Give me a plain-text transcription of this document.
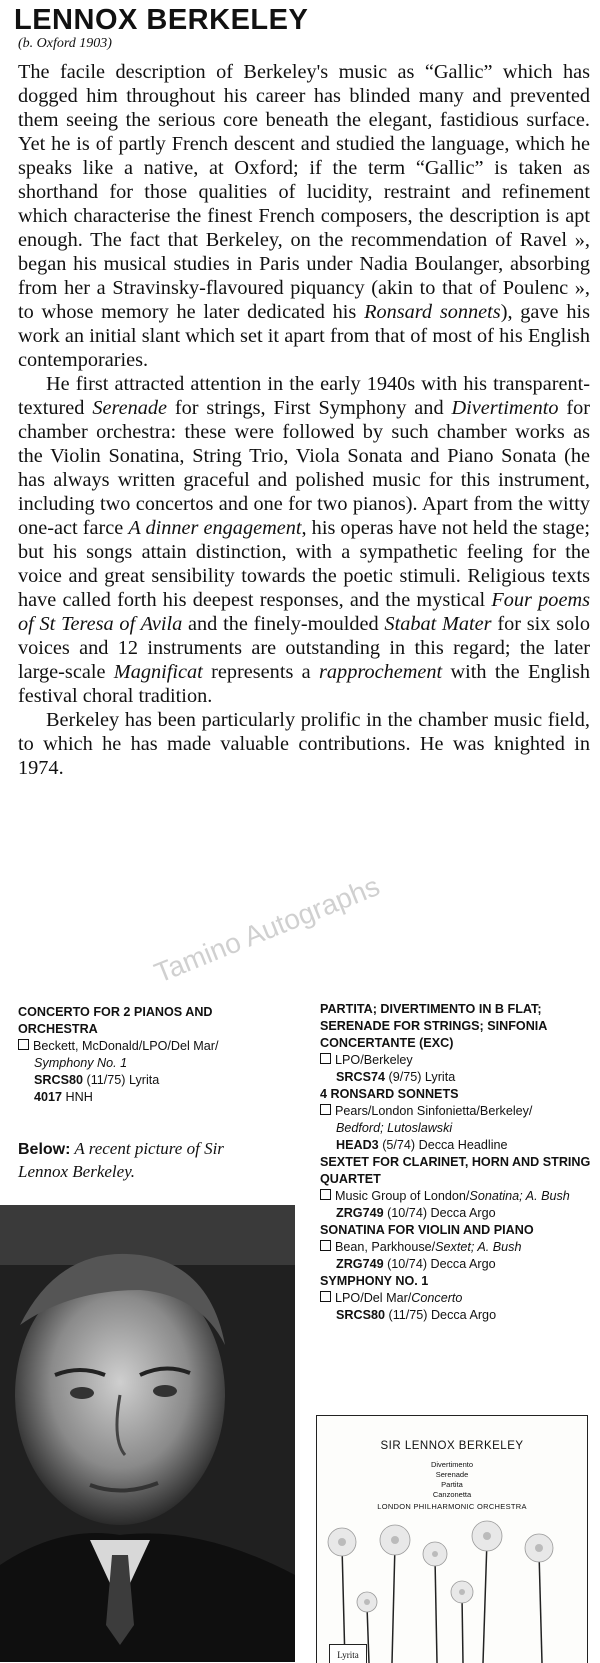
LENNOX BERKELEY
(b. Oxford 1903)

The facile description of Berkeley's music as “Gallic” which has dogged him throughout his career has blinded many and prevented them seeing the serious core beneath the elegant, fastidious surface. Yet he is of partly French descent and studied the language, which he speaks like a native, at Oxford; if the term “Gallic” is taken as shorthand for those qualities of lucidity, restraint and refinement which characterise the finest French composers, the description is apt enough. The fact that Berkeley, on the recommendation of Ravel », began his musical studies in Paris under Nadia Boulanger, absorbing from her a Stravinsky-flavoured piquancy (akin to that of Poulenc », to whose memory he later dedicated his Ronsard sonnets), gave his work an initial slant which set it apart from that of most of his English contemporaries.

He first attracted attention in the early 1940s with his transparent-textured Serenade for strings, First Symphony and Divertimento for chamber orchestra: these were followed by such chamber works as the Violin Sonatina, String Trio, Viola Sonata and Piano Sonata (he has always written graceful and polished music for this instrument, including two concertos and one for two pianos). Apart from the witty one-act farce A dinner engagement, his operas have not held the stage; but his songs attain distinction, with a sympathetic feeling for the voice and great sensibility towards the poetic stimuli. Religious texts have called forth his deepest responses, and the mystical Four poems of St Teresa of Avila and the finely-moulded Stabat Mater for six solo voices and 12 instruments are outstanding in this regard; the later large-scale Magnificat represents a rapprochement with the English festival choral tradition.

Berkeley has been particularly prolific in the chamber music field, to which he has made valuable contributions. He was knighted in 1974.

Tamino Autographs
CONCERTO FOR 2 PIANOS AND ORCHESTRA
Beckett, McDonald/LPO/Del Mar/
Symphony No. 1
SRCS80 (11/75) Lyrita
4017 HNH
Below: A recent picture of Sir Lennox Berkeley.
PARTITA; DIVERTIMENTO IN B FLAT; SERENADE FOR STRINGS; SINFONIA CONCERTANTE (EXC)
LPO/Berkeley
SRCS74 (9/75) Lyrita
4 RONSARD SONNETS
Pears/London Sinfonietta/Berkeley/
Bedford; Lutoslawski
HEAD3 (5/74) Decca Headline
SEXTET FOR CLARINET, HORN AND STRING QUARTET
Music Group of London/Sonatina; A. Bush
ZRG749 (10/74) Decca Argo
SONATINA FOR VIOLIN AND PIANO
Bean, Parkhouse/Sextet; A. Bush
ZRG749 (10/74) Decca Argo
SYMPHONY NO. 1
LPO/Del Mar/Concerto
SRCS80 (11/75) Decca Argo
SIR LENNOX BERKELEY
Divertimento
Serenade
Partita
Canzonetta
LONDON PHILHARMONIC ORCHESTRA
Lyrita
